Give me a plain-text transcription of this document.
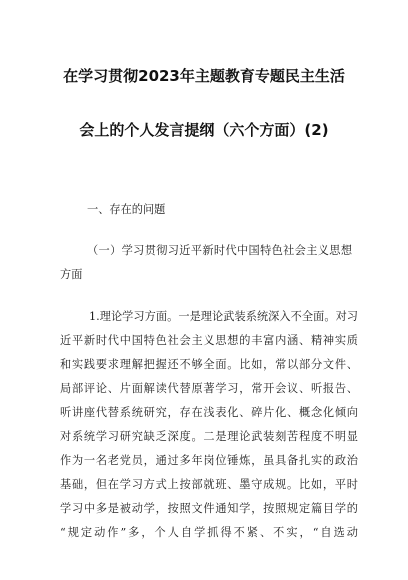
在学习贯彻2023年主题教育专题民主生活
会上的个人发言提纲（六个方面）(2)
一、存在的问题
（一）学习贯彻习近平新时代中国特色社会主义思想
方面
1.理论学习方面。一是理论武装系统深入不全面。对习
近平新时代中国特色社会主义思想的丰富内涵、精神实质
和实践要求理解把握还不够全面。比如，常以部分文件、
局部评论、片面解读代替原著学习，常开会议、听报告、
听讲座代替系统研究，存在浅表化、碎片化、概念化倾向
对系统学习研究缺乏深度。二是理论武装刻苦程度不明显
作为一名老党员，通过多年岗位锤炼，虽具备扎实的政治
基础，但在学习方式上按部就班、墨守成规。比如，平时
学习中多是被动学，按照文件通知学，按照规定篇目学的
“规定动作”多，个人自学抓得不紧、不实，“自选动
